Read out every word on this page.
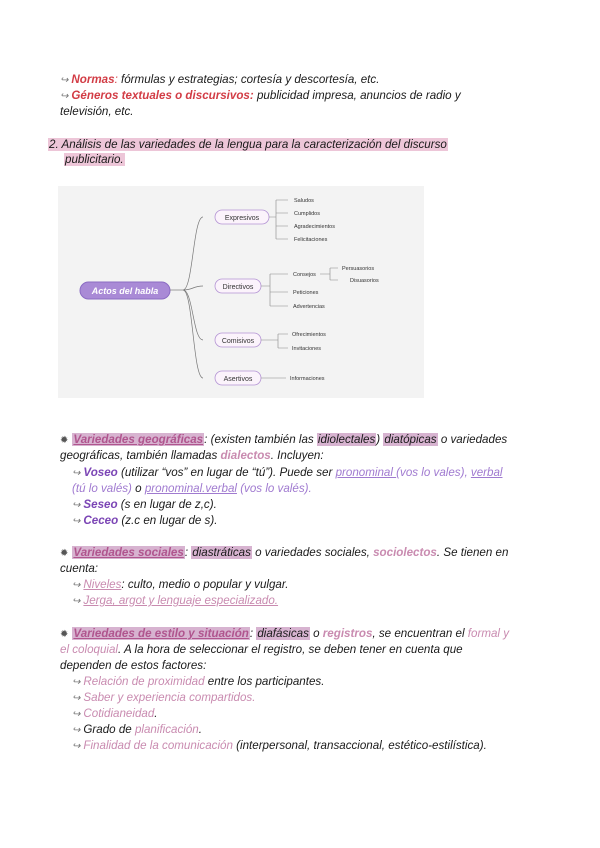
↪ Normas: fórmulas y estrategias; cortesía y descortesía, etc.
↪ Géneros textuales o discursivos: publicidad impresa, anuncios de radio y
televisión, etc.
2. Análisis de las variedades de la lengua para la caracterización del discurso
publicitario.
Actos del habla
Expresivos
Directivos
Comisivos
Asertivos
Saludos
Cumplidos
Agradecimientos
Felicitaciones
Consejos
Persuasorios
Disuasorios
Peticiones
Advertencias
Ofrecimientos
Invitaciones
Informaciones
✹ Variedades geográficas: (existen también las idiolectales) diatópicas o variedades
geográficas, también llamadas dialectos. Incluyen:
↪ Voseo (utilizar “vos” en lugar de “tú”). Puede ser pronominal (vos lo vales), verbal
(tú lo valés) o pronominal.verbal (vos lo valés).
↪ Seseo (s en lugar de z,c).
↪ Ceceo (z.c en lugar de s).
✹ Variedades sociales: diastráticas o variedades sociales, sociolectos. Se tienen en
cuenta:
↪ Niveles: culto, medio o popular y vulgar.
↪ Jerga, argot y lenguaje especializado.
✹ Variedades de estilo y situación: diafásicas o registros, se encuentran el formal y
el coloquial. A la hora de seleccionar el registro, se deben tener en cuenta que
dependen de estos factores:
↪ Relación de proximidad entre los participantes.
↪ Saber y experiencia compartidos.
↪ Cotidianeidad.
↪ Grado de planificación.
↪ Finalidad de la comunicación (interpersonal, transaccional, estético-estilística).
